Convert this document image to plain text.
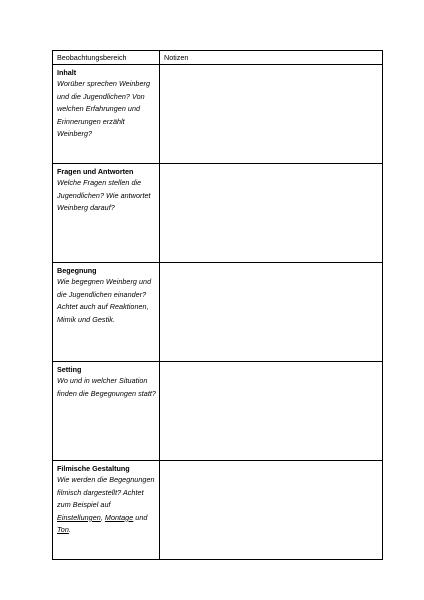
Beobachtungsbereich	Notizen

Inhalt
Worüber sprechen Weinberg und die Jugendlichen? Von welchen Erfahrungen und Erinnerungen erzählt Weinberg?	

Fragen und Antworten
Welche Fragen stellen die Jugendlichen? Wie antwortet Weinberg darauf?	

Begegnung
Wie begegnen Weinberg und die Jugendlichen einander? Achtet auch auf Reaktionen, Mimik und Gestik.	

Setting
Wo und in welcher Situation finden die Begegnungen statt?	

Filmische Gestaltung
Wie werden die Begegnungen filmisch dargestellt? Achtet zum Beispiel auf Einstellungen, Montage und Ton.	
